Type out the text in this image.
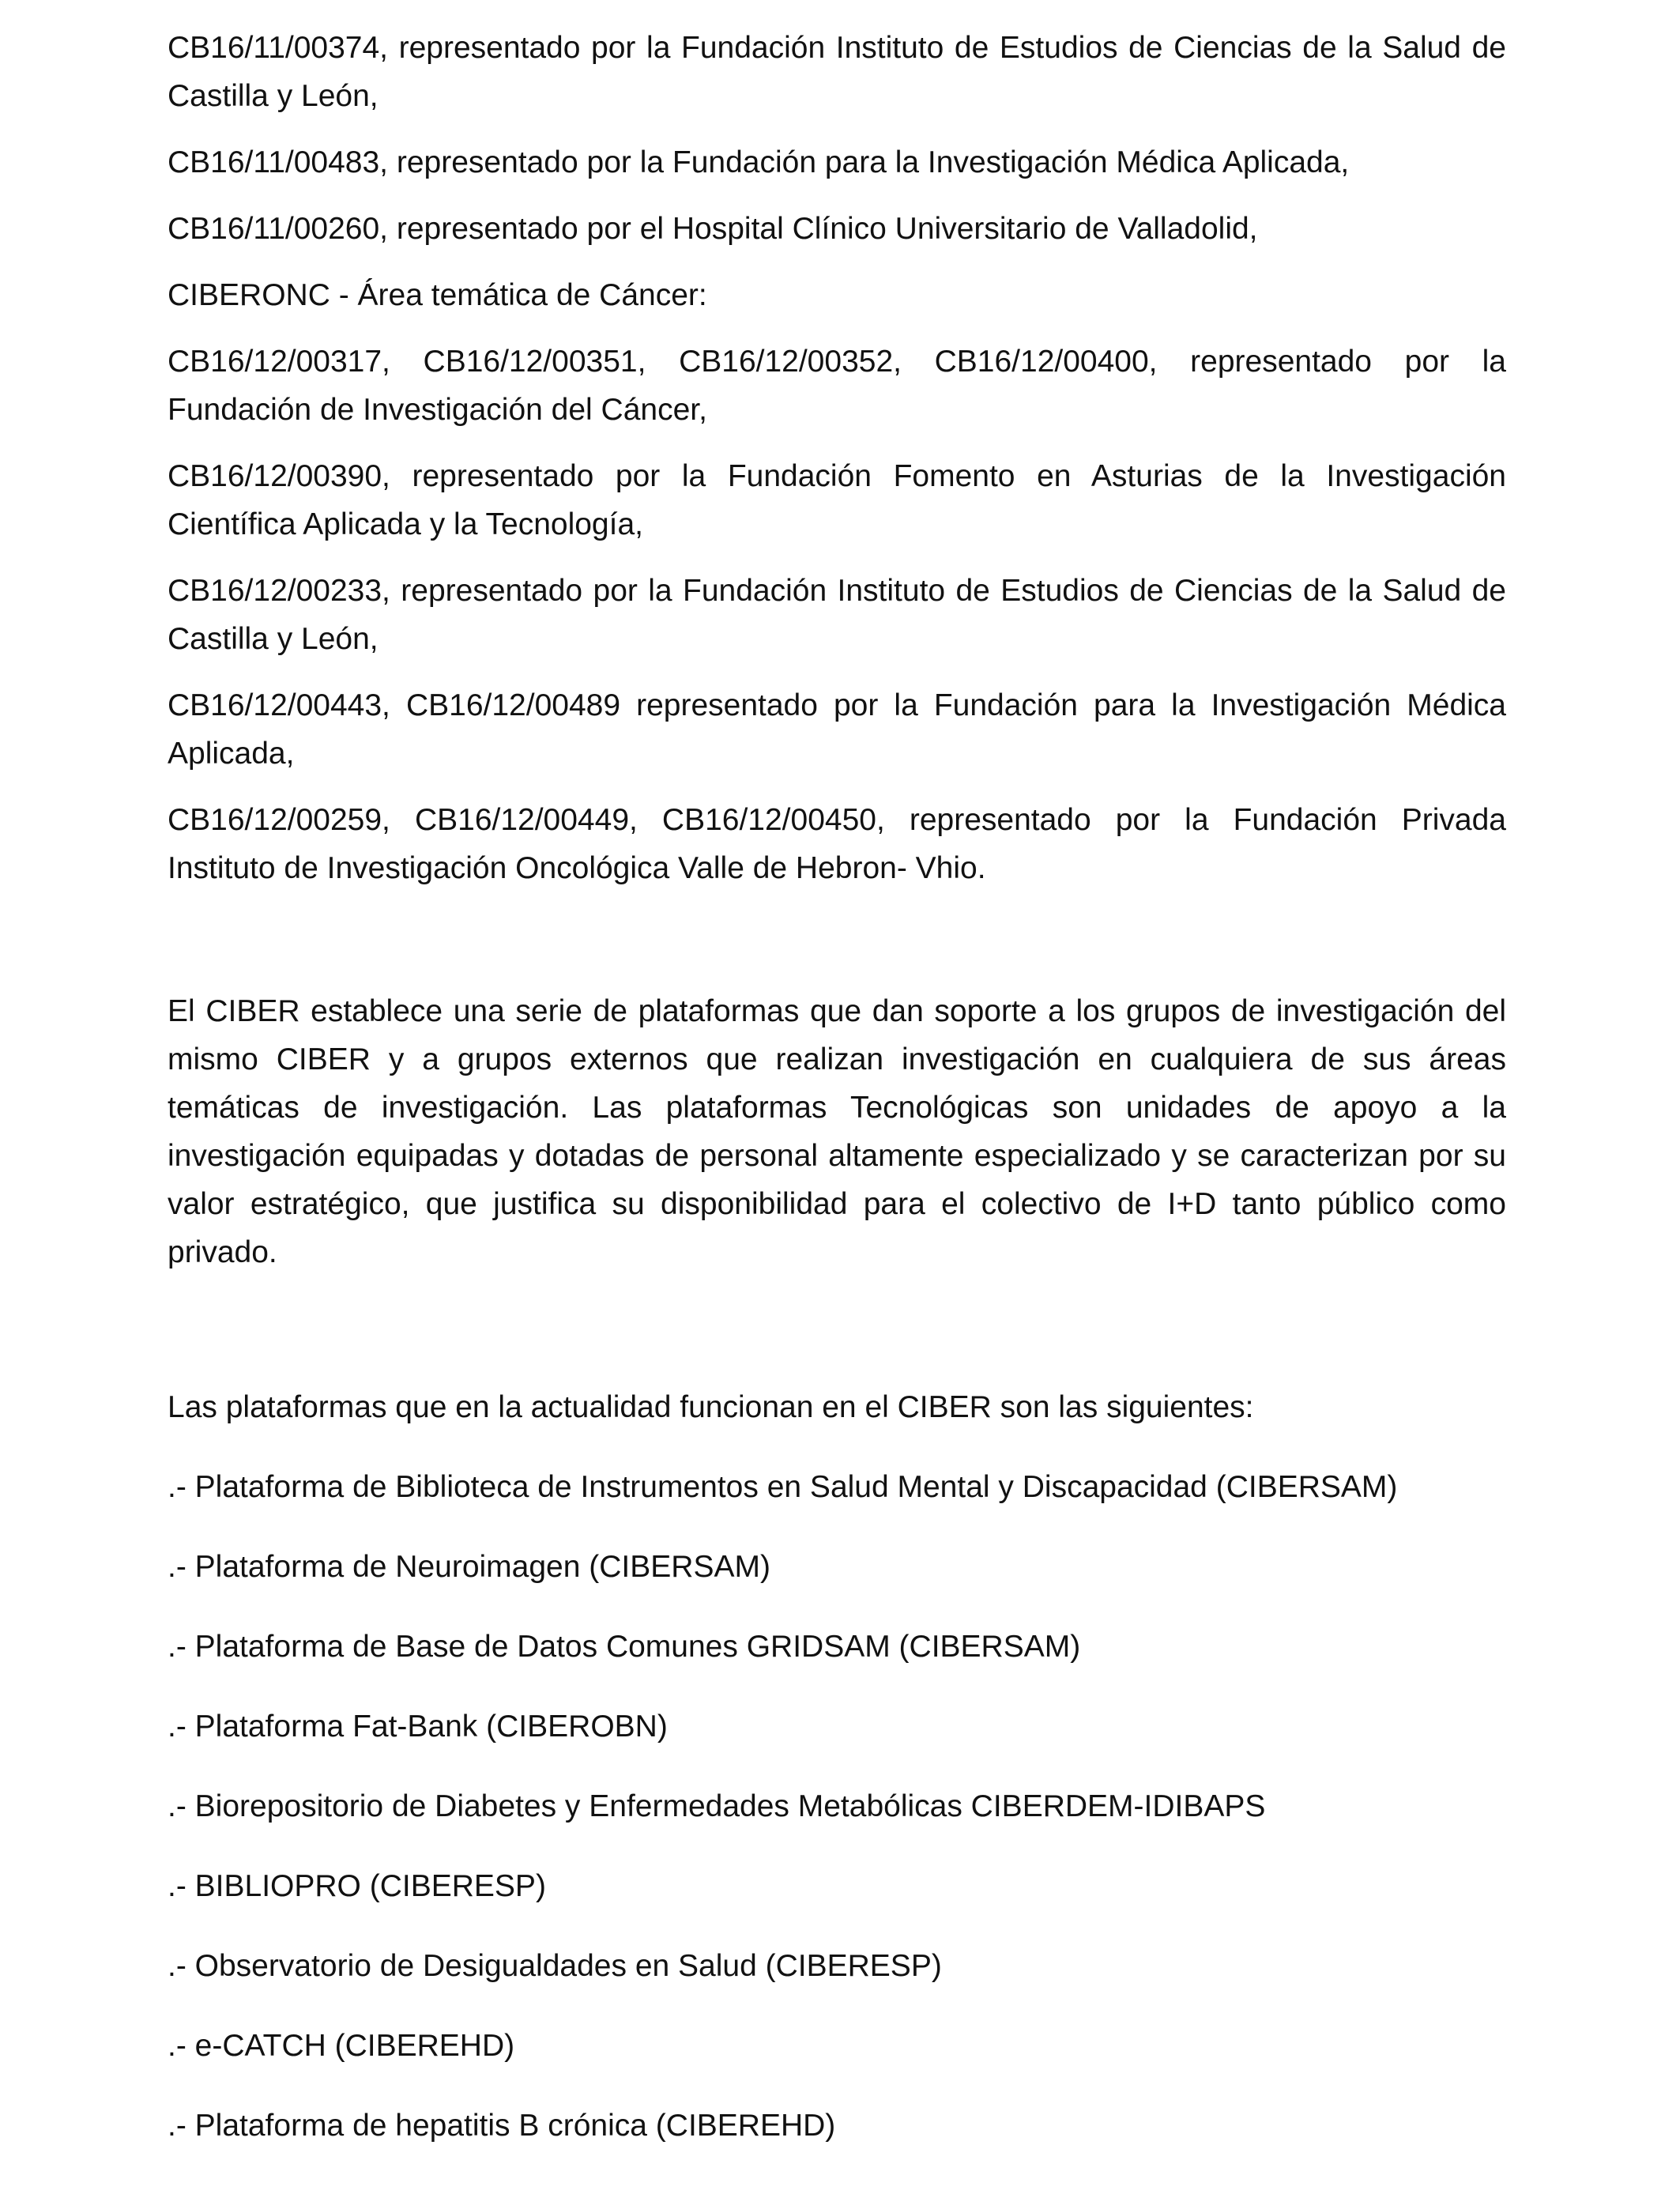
CB16/11/00374, representado por la Fundación Instituto de Estudios de Ciencias de la Salud de Castilla y León,

CB16/11/00483, representado por la Fundación para la Investigación Médica Aplicada,

CB16/11/00260, representado por el Hospital Clínico Universitario de Valladolid,

CIBERONC - Área temática de Cáncer:

CB16/12/00317, CB16/12/00351, CB16/12/00352, CB16/12/00400, representado por la Fundación de Investigación del Cáncer,

CB16/12/00390, representado por la Fundación Fomento en Asturias de la Investigación Científica Aplicada y la Tecnología,

CB16/12/00233, representado por la Fundación Instituto de Estudios de Ciencias de la Salud de Castilla y León,

CB16/12/00443, CB16/12/00489 representado por la Fundación para la Investigación Médica Aplicada,

CB16/12/00259, CB16/12/00449, CB16/12/00450, representado por la Fundación Privada Instituto de Investigación Oncológica Valle de Hebron- Vhio.

El CIBER establece una serie de plataformas que dan soporte a los grupos de investigación del mismo CIBER y a grupos externos que realizan investigación en cualquiera de sus áreas temáticas de investigación. Las plataformas Tecnológicas son unidades de apoyo a la investigación equipadas y dotadas de personal altamente especializado y se caracterizan por su valor estratégico, que justifica su disponibilidad para el colectivo de I+D tanto público como privado.

Las plataformas que en la actualidad funcionan en el CIBER son las siguientes:

.- Plataforma de Biblioteca de Instrumentos en Salud Mental y Discapacidad (CIBERSAM)

.- Plataforma de Neuroimagen (CIBERSAM)

.- Plataforma de Base de Datos Comunes GRIDSAM (CIBERSAM)

.- Plataforma Fat-Bank (CIBEROBN)

.- Biorepositorio de Diabetes y Enfermedades Metabólicas CIBERDEM-IDIBAPS

.- BIBLIOPRO (CIBERESP)

.- Observatorio de Desigualdades en Salud (CIBERESP)

.- e-CATCH (CIBEREHD)

.- Plataforma de hepatitis B crónica (CIBEREHD)
